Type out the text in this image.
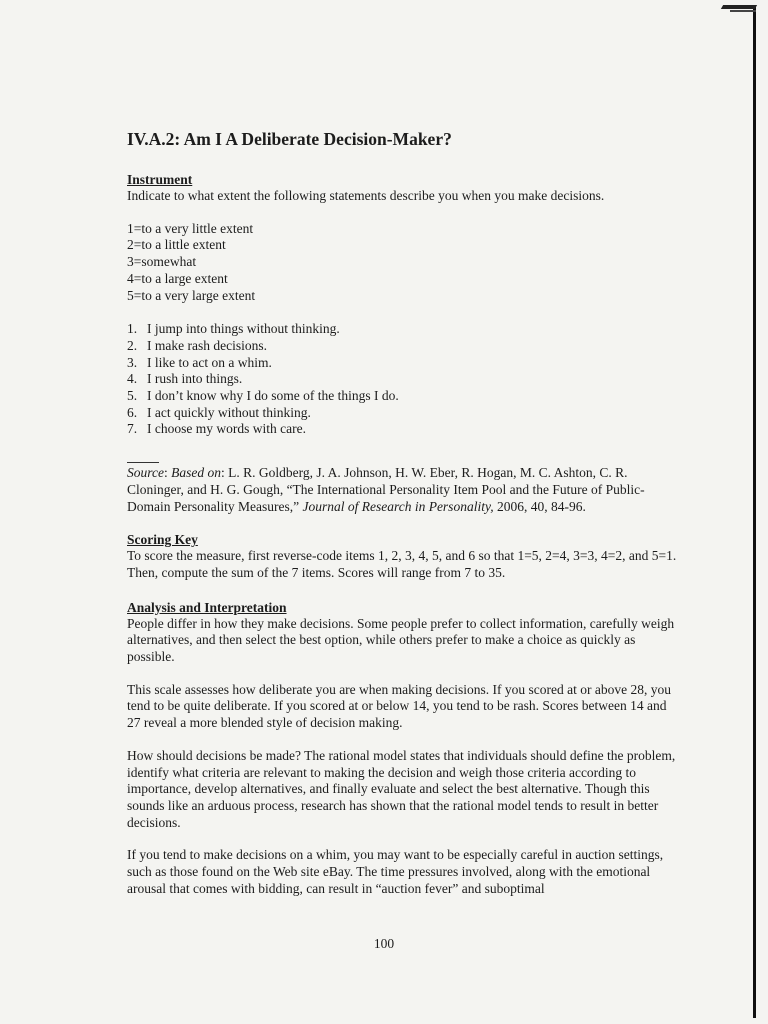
IV.A.2: Am I A Deliberate Decision-Maker?
Instrument

Indicate to what extent the following statements describe you when you make decisions.

1=to a very little extent
2=to a little extent
3=somewhat
4=to a large extent
5=to a very large extent
1. I jump into things without thinking.
2. I make rash decisions.
3. I like to act on a whim.
4. I rush into things.
5. I don’t know why I do some of the things I do.
6. I act quickly without thinking.
7. I choose my words with care.

Source: Based on: L. R. Goldberg, J. A. Johnson, H. W. Eber, R. Hogan, M. C. Ashton, C. R. Cloninger, and H. G. Gough, “The International Personality Item Pool and the Future of Public-Domain Personality Measures,” Journal of Research in Personality, 2006, 40, 84-96.

Scoring Key

To score the measure, first reverse-code items 1, 2, 3, 4, 5, and 6 so that 1=5, 2=4, 3=3, 4=2, and 5=1. Then, compute the sum of the 7 items. Scores will range from 7 to 35.

Analysis and Interpretation

People differ in how they make decisions. Some people prefer to collect information, carefully weigh alternatives, and then select the best option, while others prefer to make a choice as quickly as possible.

This scale assesses how deliberate you are when making decisions. If you scored at or above 28, you tend to be quite deliberate. If you scored at or below 14, you tend to be rash. Scores between 14 and 27 reveal a more blended style of decision making.

How should decisions be made? The rational model states that individuals should define the problem, identify what criteria are relevant to making the decision and weigh those criteria according to importance, develop alternatives, and finally evaluate and select the best alternative. Though this sounds like an arduous process, research has shown that the rational model tends to result in better decisions.

If you tend to make decisions on a whim, you may want to be especially careful in auction settings, such as those found on the Web site eBay. The time pressures involved, along with the emotional arousal that comes with bidding, can result in “auction fever” and suboptimal

100
